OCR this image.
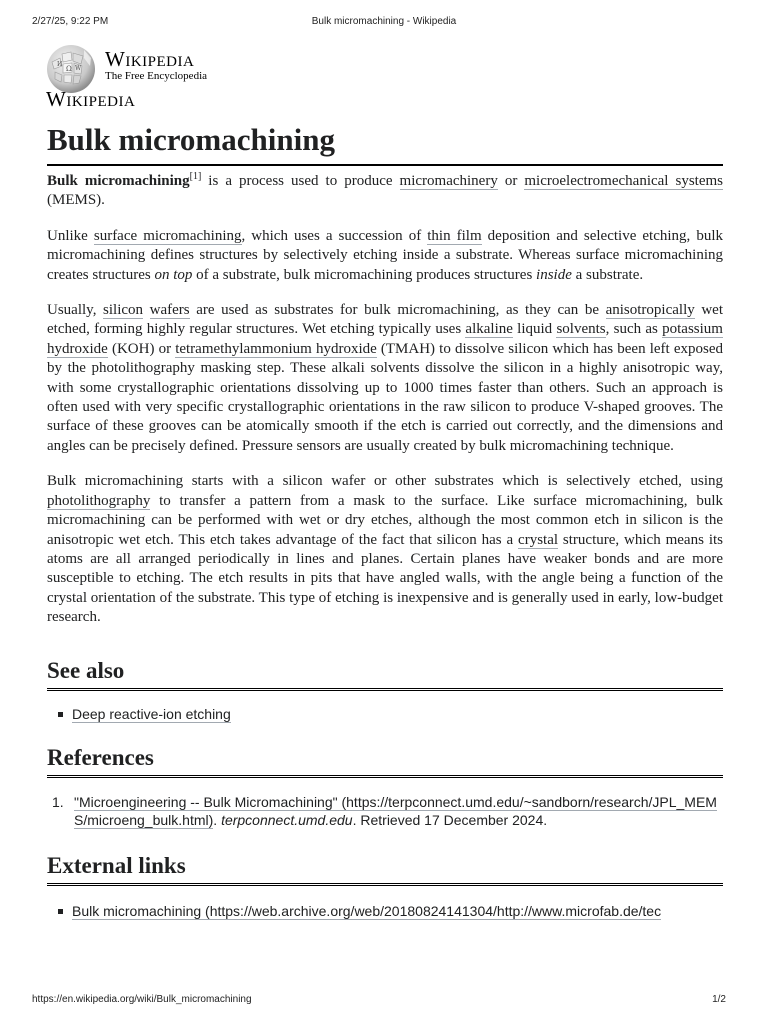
2/27/25, 9:22 PM	Bulk micromachining - Wikipedia
Ω W
И Wikipedia
The Free Encyclopedia
Wikipedia
Bulk micromachining

Bulk micromachining[1] is a process used to produce micromachinery or microelectromechanical systems (MEMS).

Unlike surface micromachining, which uses a succession of thin film deposition and selective etching, bulk micromachining defines structures by selectively etching inside a substrate. Whereas surface micromachining creates structures on top of a substrate, bulk micromachining produces structures inside a substrate.

Usually, silicon wafers are used as substrates for bulk micromachining, as they can be anisotropically wet etched, forming highly regular structures. Wet etching typically uses alkaline liquid solvents, such as potassium hydroxide (KOH) or tetramethylammonium hydroxide (TMAH) to dissolve silicon which has been left exposed by the photolithography masking step. These alkali solvents dissolve the silicon in a highly anisotropic way, with some crystallographic orientations dissolving up to 1000 times faster than others. Such an approach is often used with very specific crystallographic orientations in the raw silicon to produce V-shaped grooves. The surface of these grooves can be atomically smooth if the etch is carried out correctly, and the dimensions and angles can be precisely defined. Pressure sensors are usually created by bulk micromachining technique.

Bulk micromachining starts with a silicon wafer or other substrates which is selectively etched, using photolithography to transfer a pattern from a mask to the surface. Like surface micromachining, bulk micromachining can be performed with wet or dry etches, although the most common etch in silicon is the anisotropic wet etch. This etch takes advantage of the fact that silicon has a crystal structure, which means its atoms are all arranged periodically in lines and planes. Certain planes have weaker bonds and are more susceptible to etching. The etch results in pits that have angled walls, with the angle being a function of the crystal orientation of the substrate. This type of etching is inexpensive and is generally used in early, low-budget research.

See also
Deep reactive-ion etching
References
1. "Microengineering -- Bulk Micromachining" (https://terpconnect.umd.edu/~sandborn/research/JPL_MEMS/microeng_bulk.html). terpconnect.umd.edu. Retrieved 17 December 2024.
External links
Bulk micromachining (https://web.archive.org/web/20180824141304/http://www.microfab.de/tec
https://en.wikipedia.org/wiki/Bulk_micromachining	1/2
